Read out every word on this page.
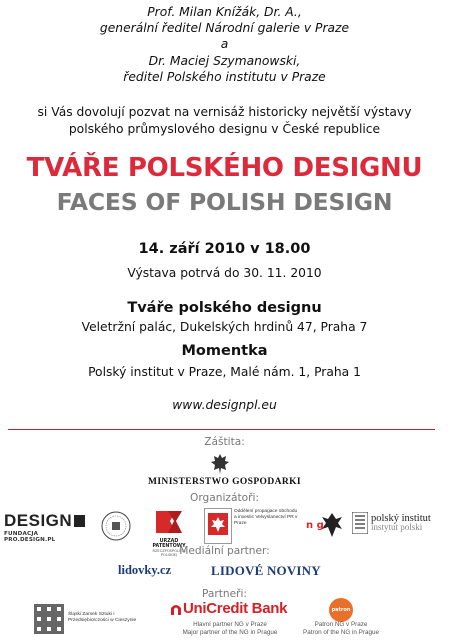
Prof. Milan Knížák, Dr. A.,
generální ředitel Národní galerie v Praze
a
Dr. Maciej Szymanowski,
ředitel Polského institutu v Praze
si Vás dovolují pozvat na vernisáž historicky největší výstavy
polského průmyslového designu v České republice
TVÁŘE POLSKÉHO DESIGNU
FACES OF POLISH DESIGN
14. září 2010 v 18.00
Výstava potrvá do 30. 11. 2010
Tváře polského designu
Veletržní palác, Dukelských hrdinů 47, Praha 7
Momentka
Polský institut v Praze, Malé nám. 1, Praha 1
www.designpl.eu
Záštita:
MINISTERSTWO GOSPODARKI
Organizátoři:
DESIGN
FUNDACJA PRO.DESIGN.PL	URZĄD PATENTOWY
RZECZPOSPOLITEJ POLSKIEJ
Oddělení propagace obchodu a investic Velvyslanectví PR v Praze	n g
polský institut
instytut polski
Mediální partner:
lidovky.cz	LIDOVÉ NOVINY
Partneři:
Śląski Zamek Sztuki i Przedsiębiorczości w Cieszynie
UniCredit Bank
Hlavní partner NG v Praze
Major partner of the NG in Prague
patron
Patron NG v Praze
Patron of the NG in Prague
